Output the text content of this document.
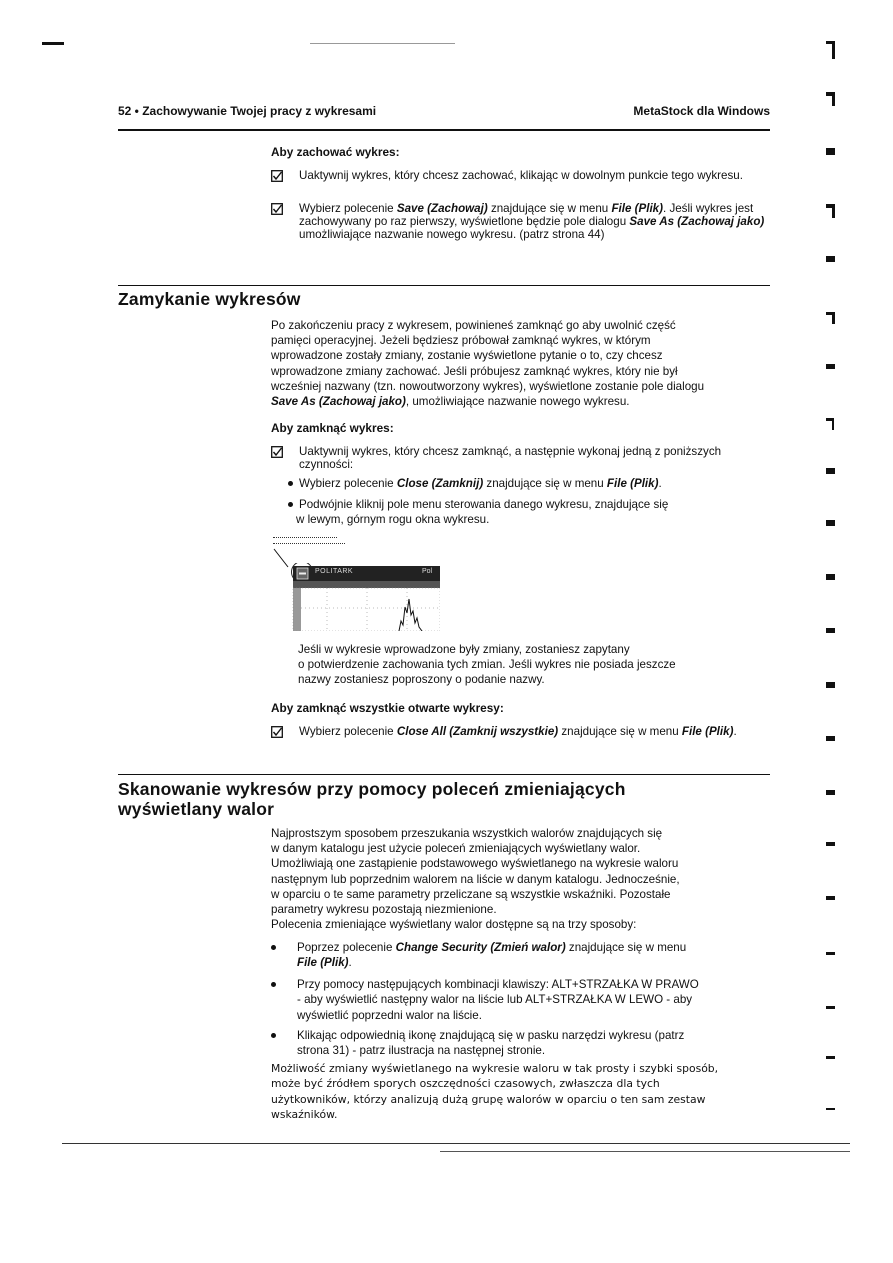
52 • Zachowywanie Twojej pracy z wykresami	MetaStock dla Windows
Aby zachować wykres:
Uaktywnij wykres, który chcesz zachować, klikając w dowolnym punkcie tego wykresu.
Wybierz polecenie Save (Zachowaj) znajdujące się w menu File (Plik). Jeśli wykres jest zachowywany po raz pierwszy, wyświetlone będzie pole dialogu Save As (Zachowaj jako) umożliwiające nazwanie nowego wykresu. (patrz strona 44)
Zamykanie wykresów
Po zakończeniu pracy z wykresem, powinieneś zamknąć go aby uwolnić część
pamięci operacyjnej. Jeżeli będziesz próbował zamknąć wykres, w którym
wprowadzone zostały zmiany, zostanie wyświetlone pytanie o to, czy chcesz
wprowadzone zmiany zachować. Jeśli próbujesz zamknąć wykres, który nie był
wcześniej nazwany (tzn. nowoutworzony wykres), wyświetlone zostanie pole dialogu
Save As (Zachowaj jako), umożliwiające nazwanie nowego wykresu.
Aby zamknąć wykres:
Uaktywnij wykres, który chcesz zamknąć, a następnie wykonaj jedną z poniższych czynności:
Wybierz polecenie Close (Zamknij) znajdujące się w menu File (Plik).
Podwójnie kliknij pole menu sterowania danego wykresu, znajdujące się
w lewym, górnym rogu okna wykresu.
POLITARK	Pol
Jeśli w wykresie wprowadzone były zmiany, zostaniesz zapytany
o potwierdzenie zachowania tych zmian. Jeśli wykres nie posiada jeszcze
nazwy zostaniesz poproszony o podanie nazwy.
Aby zamknąć wszystkie otwarte wykresy:
Wybierz polecenie Close All (Zamknij wszystkie) znajdujące się w menu File (Plik).
Skanowanie wykresów przy pomocy poleceń zmieniających
wyświetlany walor
Najprostszym sposobem przeszukania wszystkich walorów znajdujących się
w danym katalogu jest użycie poleceń zmieniających wyświetlany walor.
Umożliwiają one zastąpienie podstawowego wyświetlanego na wykresie waloru
następnym lub poprzednim walorem na liście w danym katalogu. Jednocześnie,
w oparciu o te same parametry przeliczane są wszystkie wskaźniki. Pozostałe
parametry wykresu pozostają niezmienione.
Polecenia zmieniające wyświetlany walor dostępne są na trzy sposoby:
Poprzez polecenie Change Security (Zmień walor) znajdujące się w menu
File (Plik).
Przy pomocy następujących kombinacji klawiszy: ALT+STRZAŁKA W PRAWO
- aby wyświetlić następny walor na liście lub ALT+STRZAŁKA W LEWO - aby
wyświetlić poprzedni walor na liście.
Klikając odpowiednią ikonę znajdującą się w pasku narzędzi wykresu (patrz
strona 31) - patrz ilustracja na następnej stronie.
Możliwość zmiany wyświetlanego na wykresie waloru w tak prosty i szybki sposób,
może być źródłem sporych oszczędności czasowych, zwłaszcza dla tych
użytkowników, którzy analizują dużą grupę walorów w oparciu o ten sam zestaw
wskaźników.
